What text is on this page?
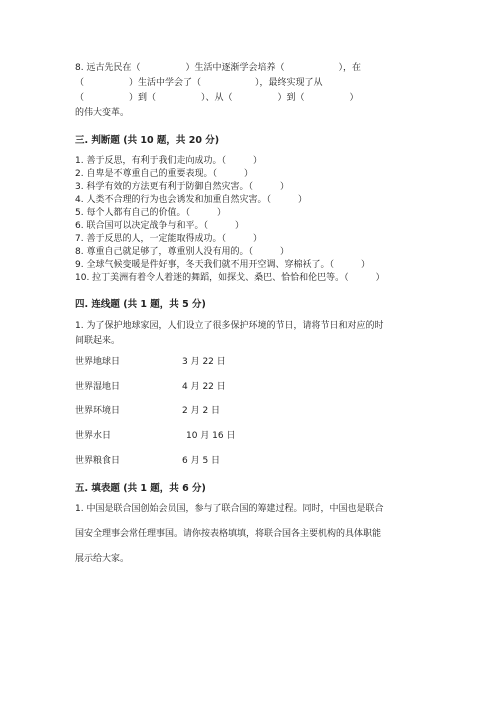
8. 远古先民在（　　　　　）生活中逐渐学会培养（　　　　　　），在
（　　　　　）生活中学会了（　　　　　　），最终实现了从
（　　　　　）到（　　　　　）、从（　　　　　）到（　　　　　）
的伟大变革。
三. 判断题 (共 10 题，共 20 分)
1. 善于反思，有利于我们走向成功。（　　　）
2. 自卑是不尊重自己的重要表现。（　　　）
3. 科学有效的方法更有利于防御自然灾害。（　　　）
4. 人类不合理的行为也会诱发和加重自然灾害。（　　　）
5. 每个人都有自己的价值。（　　　）
6. 联合国可以决定战争与和平。（　　　）
7. 善于反思的人，一定能取得成功。（　　　）
8. 尊重自己就足够了，尊重别人没有用的。（　　　）
9. 全球气候变暖是件好事，冬天我们就不用开空调、穿棉袄了。（　　　）
10. 拉丁美洲有着令人着迷的舞蹈，如探戈、桑巴、恰恰和伦巴等。（　　　）
四. 连线题 (共 1 题，共 5 分)
1. 为了保护地球家园，人们设立了很多保护环境的节日，请将节日和对应的时
间联起来。
世界地球日	3 月 22 日
世界湿地日	4 月 22 日
世界环境日	2 月 2 日
世界水日	10 月 16 日
世界粮食日	6 月 5 日
五. 填表题 (共 1 题，共 6 分)
1. 中国是联合国创始会员国，参与了联合国的筹建过程。同时，中国也是联合
国安全理事会常任理事国。请你按表格填填，将联合国各主要机构的具体职能
展示给大家。
